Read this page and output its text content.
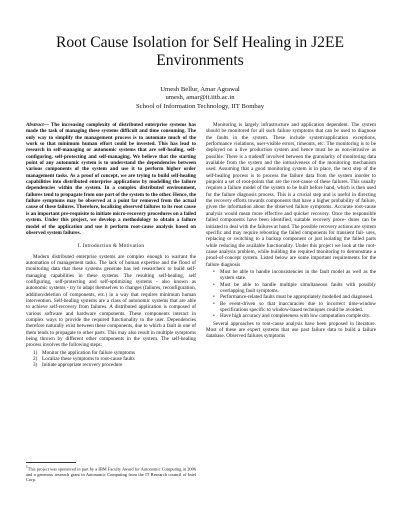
Root Cause Isolation for Self Healing in J2EE
Environments
Umesh Bellur, Amar Agrawal
umesh, amar@it.iitb.ac.in
School of Information Technology, IIT Bombay

Abstract— The increasing complexity of distributed enterprise systems has made the task of managing these systems difficult and time consuming. The only way to simplify the management process is to automate much of the work so that minimum human effort could be invested. This has lead to research in self-managing or autonomic systems that are self-healing, self-configuring, self-protecting and self-managing. We believe that the starting point of any autonomic system is to understand the dependencies between various components of the system and use it to perform higher order management tasks. As a proof of concept, we are trying to build self-healing capabilities into distributed enterprise applications by modelling the failure dependencies within the system. In a complex distributed environment, failures tend to propagate from one part of the system to the other. Hence, the failure symptoms may be observed at a point far removed from the actual cause of these failures. Therefore, localizing observed failures to its root cause is an important pre-requisite to initiate micro-recovery procedures on a failed system. Under this project, we develop a methodology to obtain a failure model of the application and use it perform root-cause analysis based on observed system failures.

I. Introduction & Motivation

Modern distributed enterprise systems are complex enough to warrant the automation of management tasks. The lack of human expertise and the flood of monitoring data that these systems generate has led researchers to build self-managing capabilities in these systems. The resulting self-healing, self configuring, self-protecting and self-optimizing systems - also known as autonomic systems - try to adapt themselves to changes (failures, reconfiguration, addition/deletion of components, etc.) in a way that requires minimum human intervention. Self-healing systems are a class of autonomic systems that are able to achieve self-recovery from failures. A distributed application is composed of various software and hardware components. These components interact in complex ways to provide the required functionality to the user. Dependencies therefore naturally exist between these components, due to which a fault in one of them tends to propagate to other parts. This may also result in multiple symptoms being thrown by different other components in the system. The self-healing process involves the following steps:

1) Monitor the application for failure symptoms
2) Localize these symptoms to root-cause faults
3) Initiate appropriate recovery procedure

Monitoring is largely infrastructure and application dependent. The system should be monitored for all such failure symptoms that can be used to diagnose the faults in the system. These include system/application exceptions, performance violations, user-visible errors, timeouts, etc. The monitoring is to be deployed on a live production system and hence must be as non-intrusive as possible. There is a tradeoff involved between the granularity of monitoring data available from the system and the intrusiveness of the monitoring mechanism used. Assuming that a good monitoring system is in place, the next step of the self-healing process is to process the failure data from the system inorder to pinpoint a set of root-points that are the root-cause of these failures. This usually requires a failure model of the system to be built before hand, which is then used for the failure diagnosis process. This is a crucial step and is useful in directing the recovery efforts towards components that have a higher probability of failure, given the information about the observed failure symptoms. Accurate root-cause analysis would mean more effective and quicker recovery. Once the responsible failed components have been identified, suitable recovery proce- dures can be initiated to deal with the failures at hand. The possible recovery actions are system specific and may require rebooting the failed components for transient fail- ures, replacing or switching to a backup component or just isolating the failed parts while reducing the available functionality. Under this project we look at the root-cause analysis problem, while building the required monitoring to demonstrate a proof-of-concept system. Listed below are some important requirements for the failure diagnosis

• Must be able to handle inconsistencies in the fault model as well as the system state.
• Must be able to handle multiple simultaneous faults with possibly overlapping fault symptoms.
• Performance-related faults must be appropriately modelled and diagnosed.
• Be event-driven so that inaccuracies due to incorrect time-window specifications specific to window-based techniques could be avoided.
• Have high accuracy and completeness with low computation complexity.

Several approaches to root-cause analysis have been proposed in literature. Most of these are expert systems that use past failure data to build a failure database. Observed failures symptoms

$^1$This project was sponsored in part by a IBM Faculty Award for Autonomic Computing in 2006 and a generous research grant in Autonomic Computing from the IT Research council of Intel Corp.
